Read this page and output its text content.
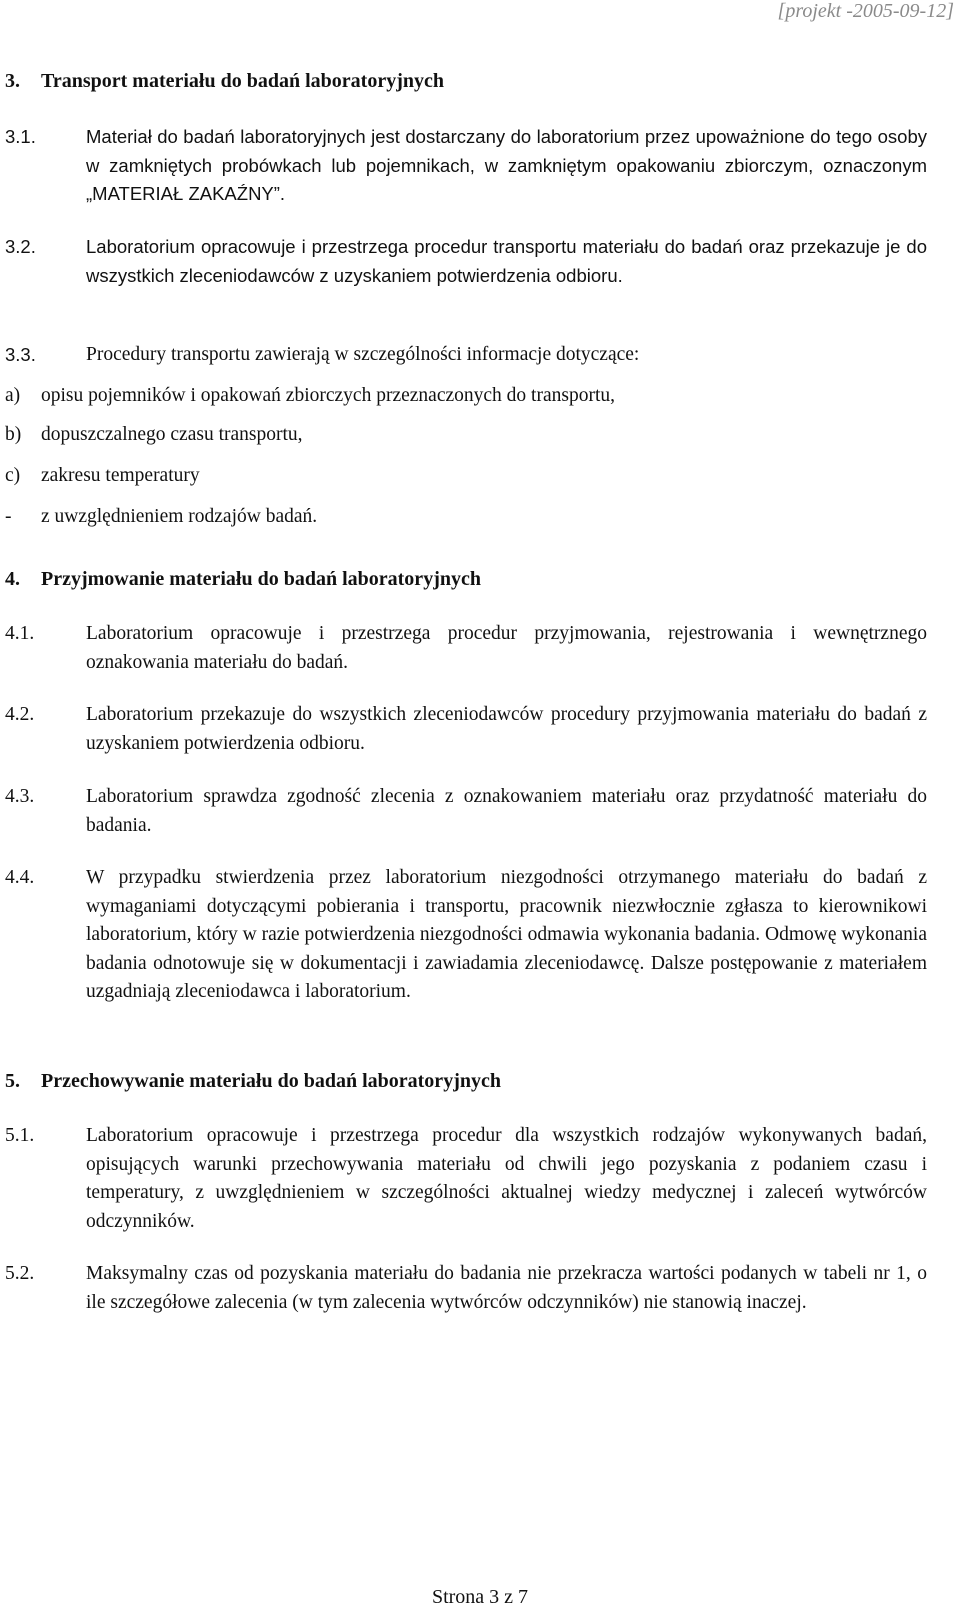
[projekt -2005-09-12]
3. Transport materiału do badań laboratoryjnych
3.1.	Materiał do badań laboratoryjnych jest dostarczany do laboratorium przez upoważnione do tego osoby w zamkniętych probówkach lub pojemnikach, w zamkniętym opakowaniu zbiorczym, oznaczonym „MATERIAŁ ZAKAŹNY”.
3.2.	Laboratorium opracowuje i przestrzega procedur transportu materiału do badań oraz przekazuje je do wszystkich zleceniodawców z uzyskaniem potwierdzenia odbioru.
3.3.	Procedury transportu zawierają w szczególności informacje dotyczące:
a) opisu pojemników i opakowań zbiorczych przeznaczonych do transportu,
b) dopuszczalnego czasu transportu,
c) zakresu temperatury
- z uwzględnieniem rodzajów badań.
4. Przyjmowanie materiału do badań laboratoryjnych
4.1.	Laboratorium opracowuje i przestrzega procedur przyjmowania, rejestrowania i wewnętrznego oznakowania materiału do badań.
4.2.	Laboratorium przekazuje do wszystkich zleceniodawców procedury przyjmowania materiału do badań z uzyskaniem potwierdzenia odbioru.
4.3.	Laboratorium sprawdza zgodność zlecenia z oznakowaniem materiału oraz przydatność materiału do badania.
4.4.	W przypadku stwierdzenia przez laboratorium niezgodności otrzymanego materiału do badań z wymaganiami dotyczącymi pobierania i transportu, pracownik niezwłocznie zgłasza to kierownikowi laboratorium, który w razie potwierdzenia niezgodności odmawia wykonania badania. Odmowę wykonania badania odnotowuje się w dokumentacji i zawiadamia zleceniodawcę. Dalsze postępowanie z materiałem uzgadniają zleceniodawca i laboratorium.
5. Przechowywanie materiału do badań laboratoryjnych
5.1.	Laboratorium opracowuje i przestrzega procedur dla wszystkich rodzajów wykonywanych badań, opisujących warunki przechowywania materiału od chwili jego pozyskania z podaniem czasu i temperatury, z uwzględnieniem w szczególności aktualnej wiedzy medycznej i zaleceń wytwórców odczynników.
5.2.	Maksymalny czas od pozyskania materiału do badania nie przekracza wartości podanych w tabeli nr 1, o ile szczegółowe zalecenia (w tym zalecenia wytwórców odczynników) nie stanowią inaczej.
Strona 3 z 7
